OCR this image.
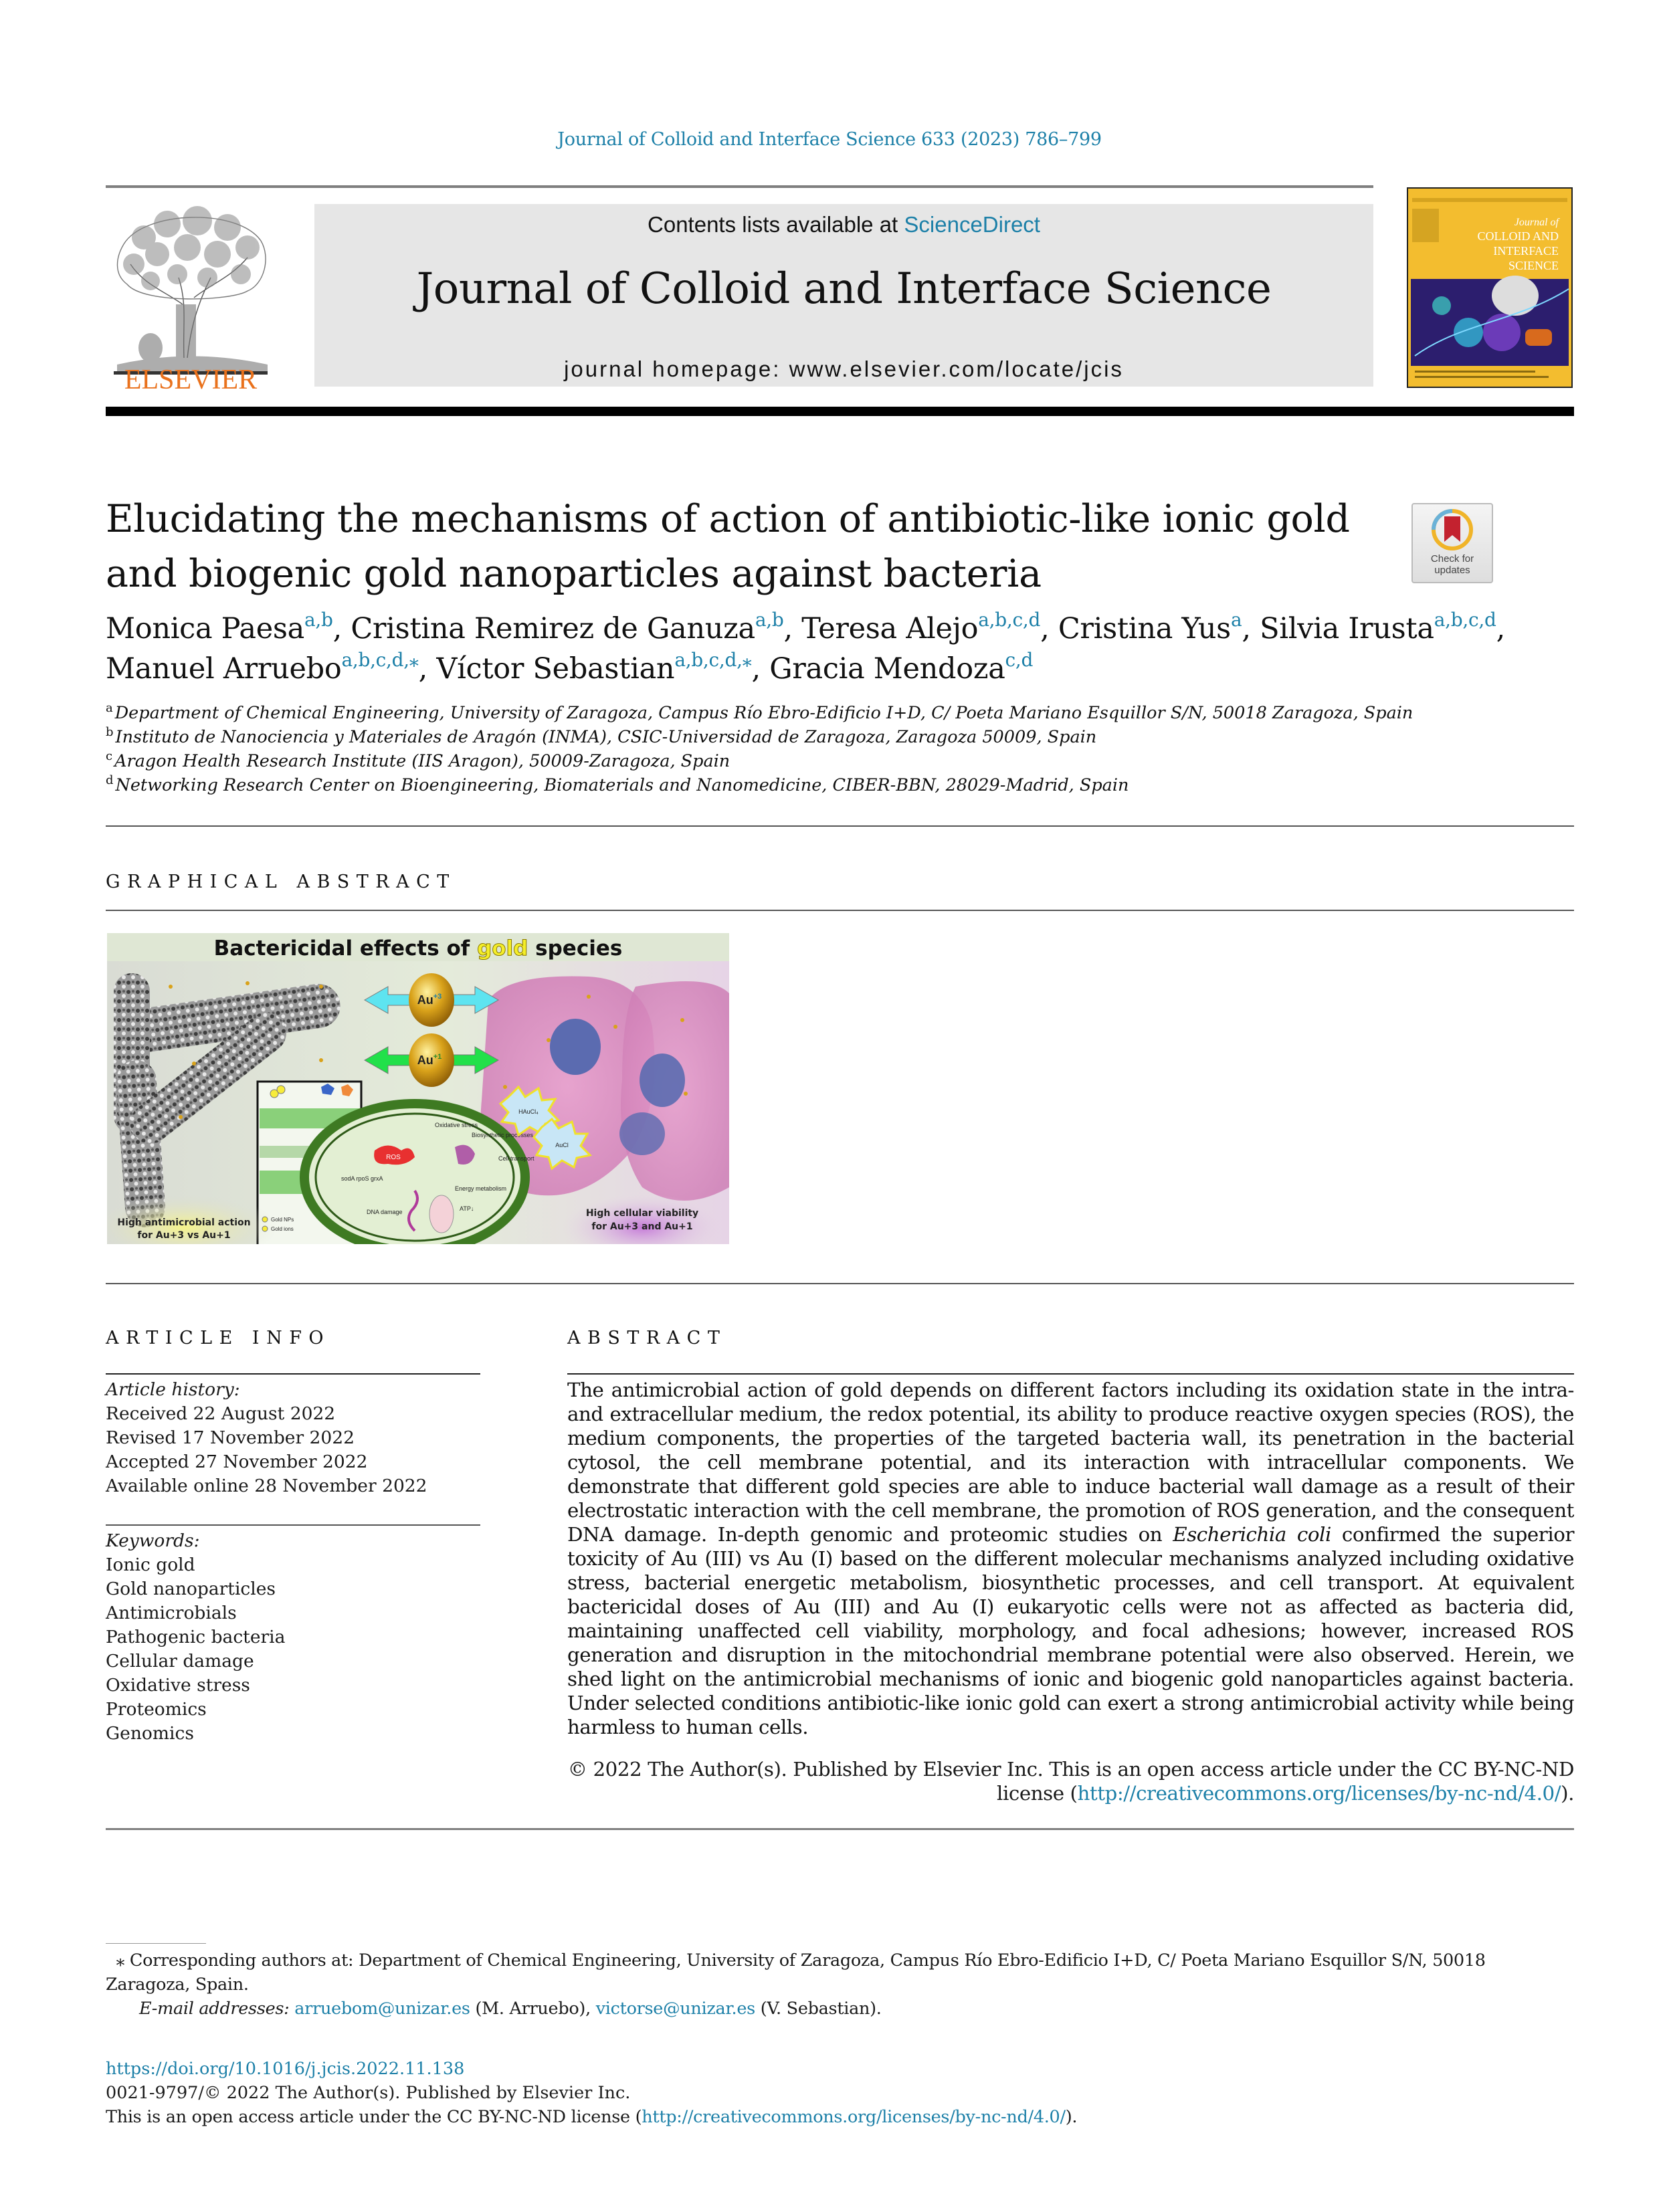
Journal of Colloid and Interface Science 633 (2023) 786–799
ELSEVIER
Contents lists available at ScienceDirect
Journal of Colloid and Interface Science
journal homepage: www.elsevier.com/locate/jcis
Journal of
COLLOID AND
INTERFACE
SCIENCE
Elucidating the mechanisms of action of antibiotic-like ionic gold and biogenic gold nanoparticles against bacteria	Check for
updates
Monica Paesa$^{a,b}$, Cristina Remirez de Ganuza$^{a,b}$, Teresa Alejo$^{a,b,c,d}$, Cristina Yus$^a$, Silvia Irusta$^{a,b,c,d}$,
Manuel Arruebo$^{a,b,c,d,⁎}$, Víctor Sebastian$^{a,b,c,d,⁎}$, Gracia Mendoza$^{c,d}$
$^a$ Department of Chemical Engineering, University of Zaragoza, Campus Río Ebro-Edificio I+D, C/ Poeta Mariano Esquillor S/N, 50018 Zaragoza, Spain
$^b$ Instituto de Nanociencia y Materiales de Aragón (INMA), CSIC-Universidad de Zaragoza, Zaragoza 50009, Spain
$^c$ Aragon Health Research Institute (IIS Aragon), 50009-Zaragoza, Spain
$^d$ Networking Research Center on Bioengineering, Biomaterials and Nanomedicine, CIBER-BBN, 28029-Madrid, Spain
GRAPHICAL ABSTRACT
Bactericidal effects of gold species
$Au^{+3}$
$Au^{+1}$
ROS
Oxidative stress
Biosynthetic processes
Cell transport
Energy metabolism
ATP↓
DNA damage
sodA rpoS grxA
HAuCl₄
AuCl
High antimicrobial action
for Au+3 vs Au+1
High cellular viability
for Au+3 and Au+1
Gold NPs
Gold ions
ARTICLE INFO
Article history:
Received 22 August 2022
Revised 17 November 2022
Accepted 27 November 2022
Available online 28 November 2022
Keywords:
Ionic gold
Gold nanoparticles
Antimicrobials
Pathogenic bacteria
Cellular damage
Oxidative stress
Proteomics
Genomics
ABSTRACT
The antimicrobial action of gold depends on different factors including its oxidation state in the intra- and extracellular medium, the redox potential, its ability to produce reactive oxygen species (ROS), the medium components, the properties of the targeted bacteria wall, its penetration in the bacterial cytosol, the cell membrane potential, and its interaction with intracellular components. We demonstrate that different gold species are able to induce bacterial wall damage as a result of their electrostatic interaction with the cell membrane, the promotion of ROS generation, and the consequent DNA damage. In-depth genomic and proteomic studies on Escherichia coli confirmed the superior toxicity of Au (III) vs Au (I) based on the different molecular mechanisms analyzed including oxidative stress, bacterial energetic metabolism, biosynthetic processes, and cell transport. At equivalent bactericidal doses of Au (III) and Au (I) eukaryotic cells were not as affected as bacteria did, maintaining unaffected cell viability, morphology, and focal adhesions; however, increased ROS generation and disruption in the mitochondrial membrane potential were also observed. Herein, we shed light on the antimicrobial mechanisms of ionic and biogenic gold nanoparticles against bacteria. Under selected conditions antibiotic-like ionic gold can exert a strong antimicrobial activity while being harmless to human cells.
© 2022 The Author(s). Published by Elsevier Inc. This is an open access article under the CC BY-NC-ND license (http://creativecommons.org/licenses/by-nc-nd/4.0/).
⁎ Corresponding authors at: Department of Chemical Engineering, University of Zaragoza, Campus Río Ebro-Edificio I+D, C/ Poeta Mariano Esquillor S/N, 50018 Zaragoza, Spain.
E-mail addresses: arruebom@unizar.es (M. Arruebo), victorse@unizar.es (V. Sebastian).
https://doi.org/10.1016/j.jcis.2022.11.138
0021-9797/© 2022 The Author(s). Published by Elsevier Inc.
This is an open access article under the CC BY-NC-ND license (http://creativecommons.org/licenses/by-nc-nd/4.0/).
